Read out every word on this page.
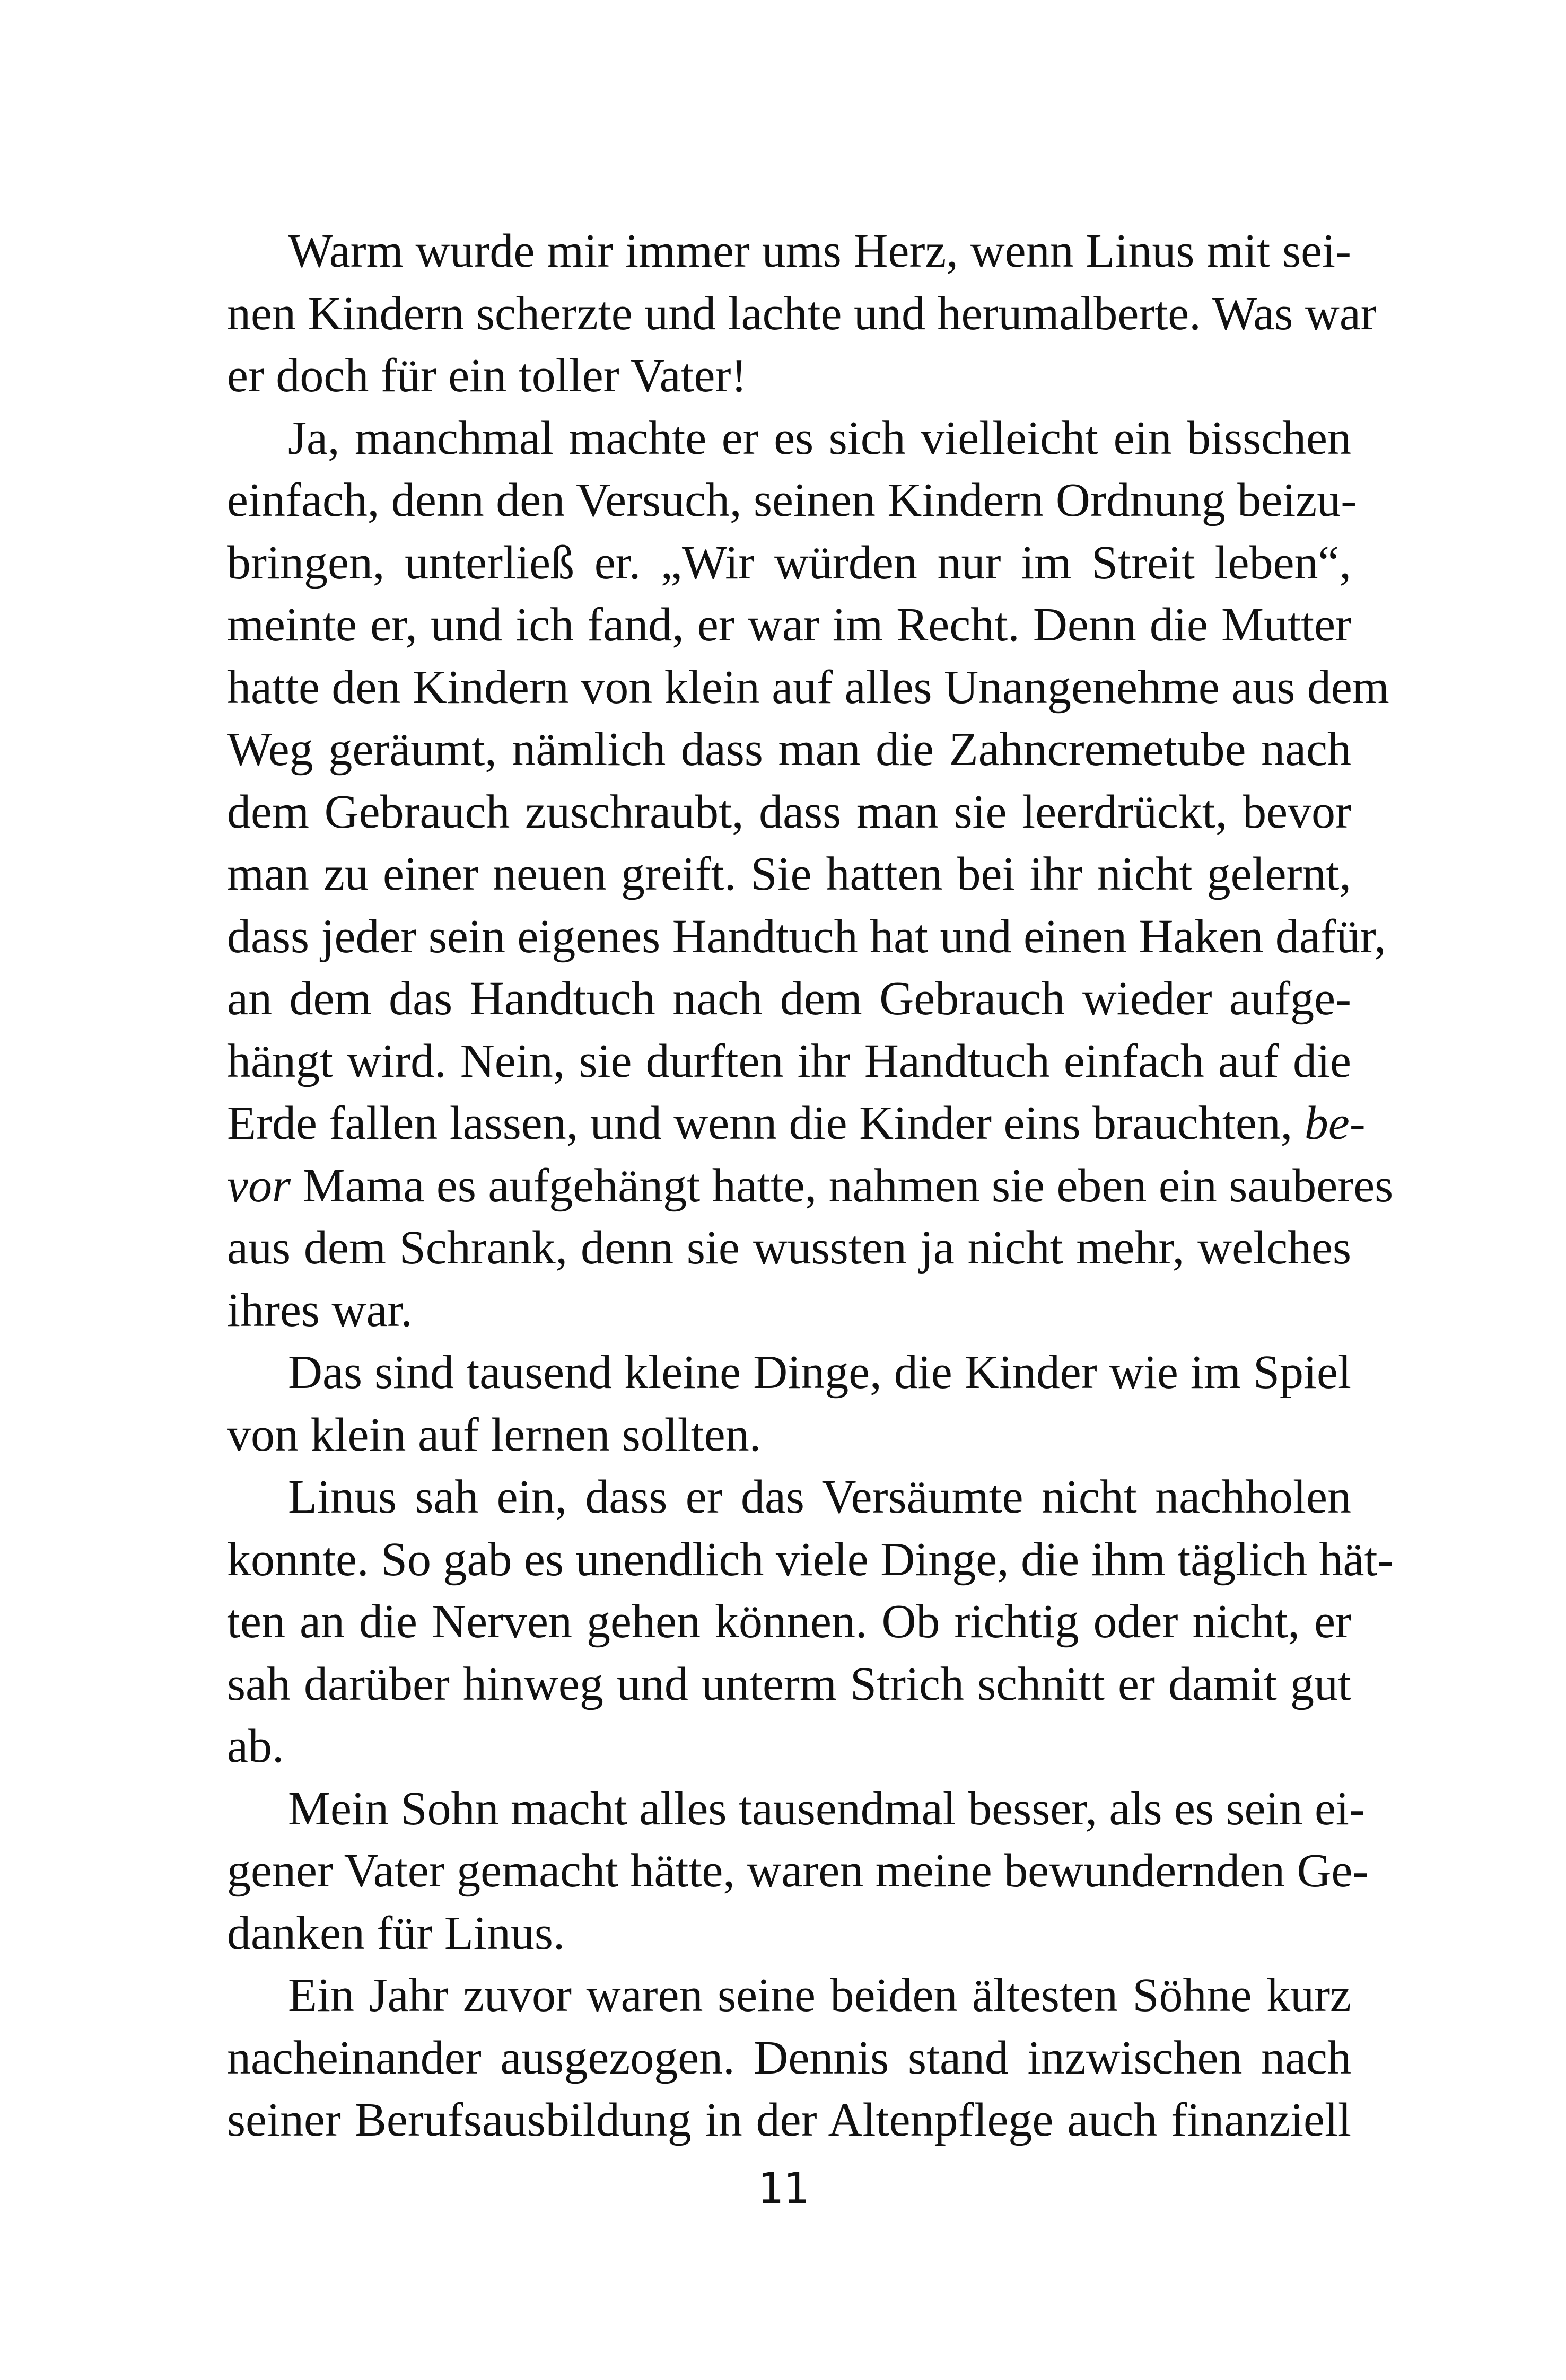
Warm wurde mir immer ums Herz, wenn Linus mit sei-
nen Kindern scherzte und lachte und herumalberte. Was war
er doch für ein toller Vater!
Ja, manchmal machte er es sich vielleicht ein bisschen
einfach, denn den Versuch, seinen Kindern Ordnung beizu-
bringen, unterließ er. „Wir würden nur im Streit leben“,
meinte er, und ich fand, er war im Recht. Denn die Mutter
hatte den Kindern von klein auf alles Unangenehme aus dem
Weg geräumt, nämlich dass man die Zahncremetube nach
dem Gebrauch zuschraubt, dass man sie leerdrückt, bevor
man zu einer neuen greift. Sie hatten bei ihr nicht gelernt,
dass jeder sein eigenes Handtuch hat und einen Haken dafür,
an dem das Handtuch nach dem Gebrauch wieder aufge-
hängt wird. Nein, sie durften ihr Handtuch einfach auf die
Erde fallen lassen, und wenn die Kinder eins brauchten, be-
vor Mama es aufgehängt hatte, nahmen sie eben ein sauberes
aus dem Schrank, denn sie wussten ja nicht mehr, welches
ihres war.
Das sind tausend kleine Dinge, die Kinder wie im Spiel
von klein auf lernen sollten.
Linus sah ein, dass er das Versäumte nicht nachholen
konnte. So gab es unendlich viele Dinge, die ihm täglich hät-
ten an die Nerven gehen können. Ob richtig oder nicht, er
sah darüber hinweg und unterm Strich schnitt er damit gut
ab.
Mein Sohn macht alles tausendmal besser, als es sein ei-
gener Vater gemacht hätte, waren meine bewundernden Ge-
danken für Linus.
Ein Jahr zuvor waren seine beiden ältesten Söhne kurz
nacheinander ausgezogen. Dennis stand inzwischen nach
seiner Berufsausbildung in der Altenpflege auch finanziell
11
